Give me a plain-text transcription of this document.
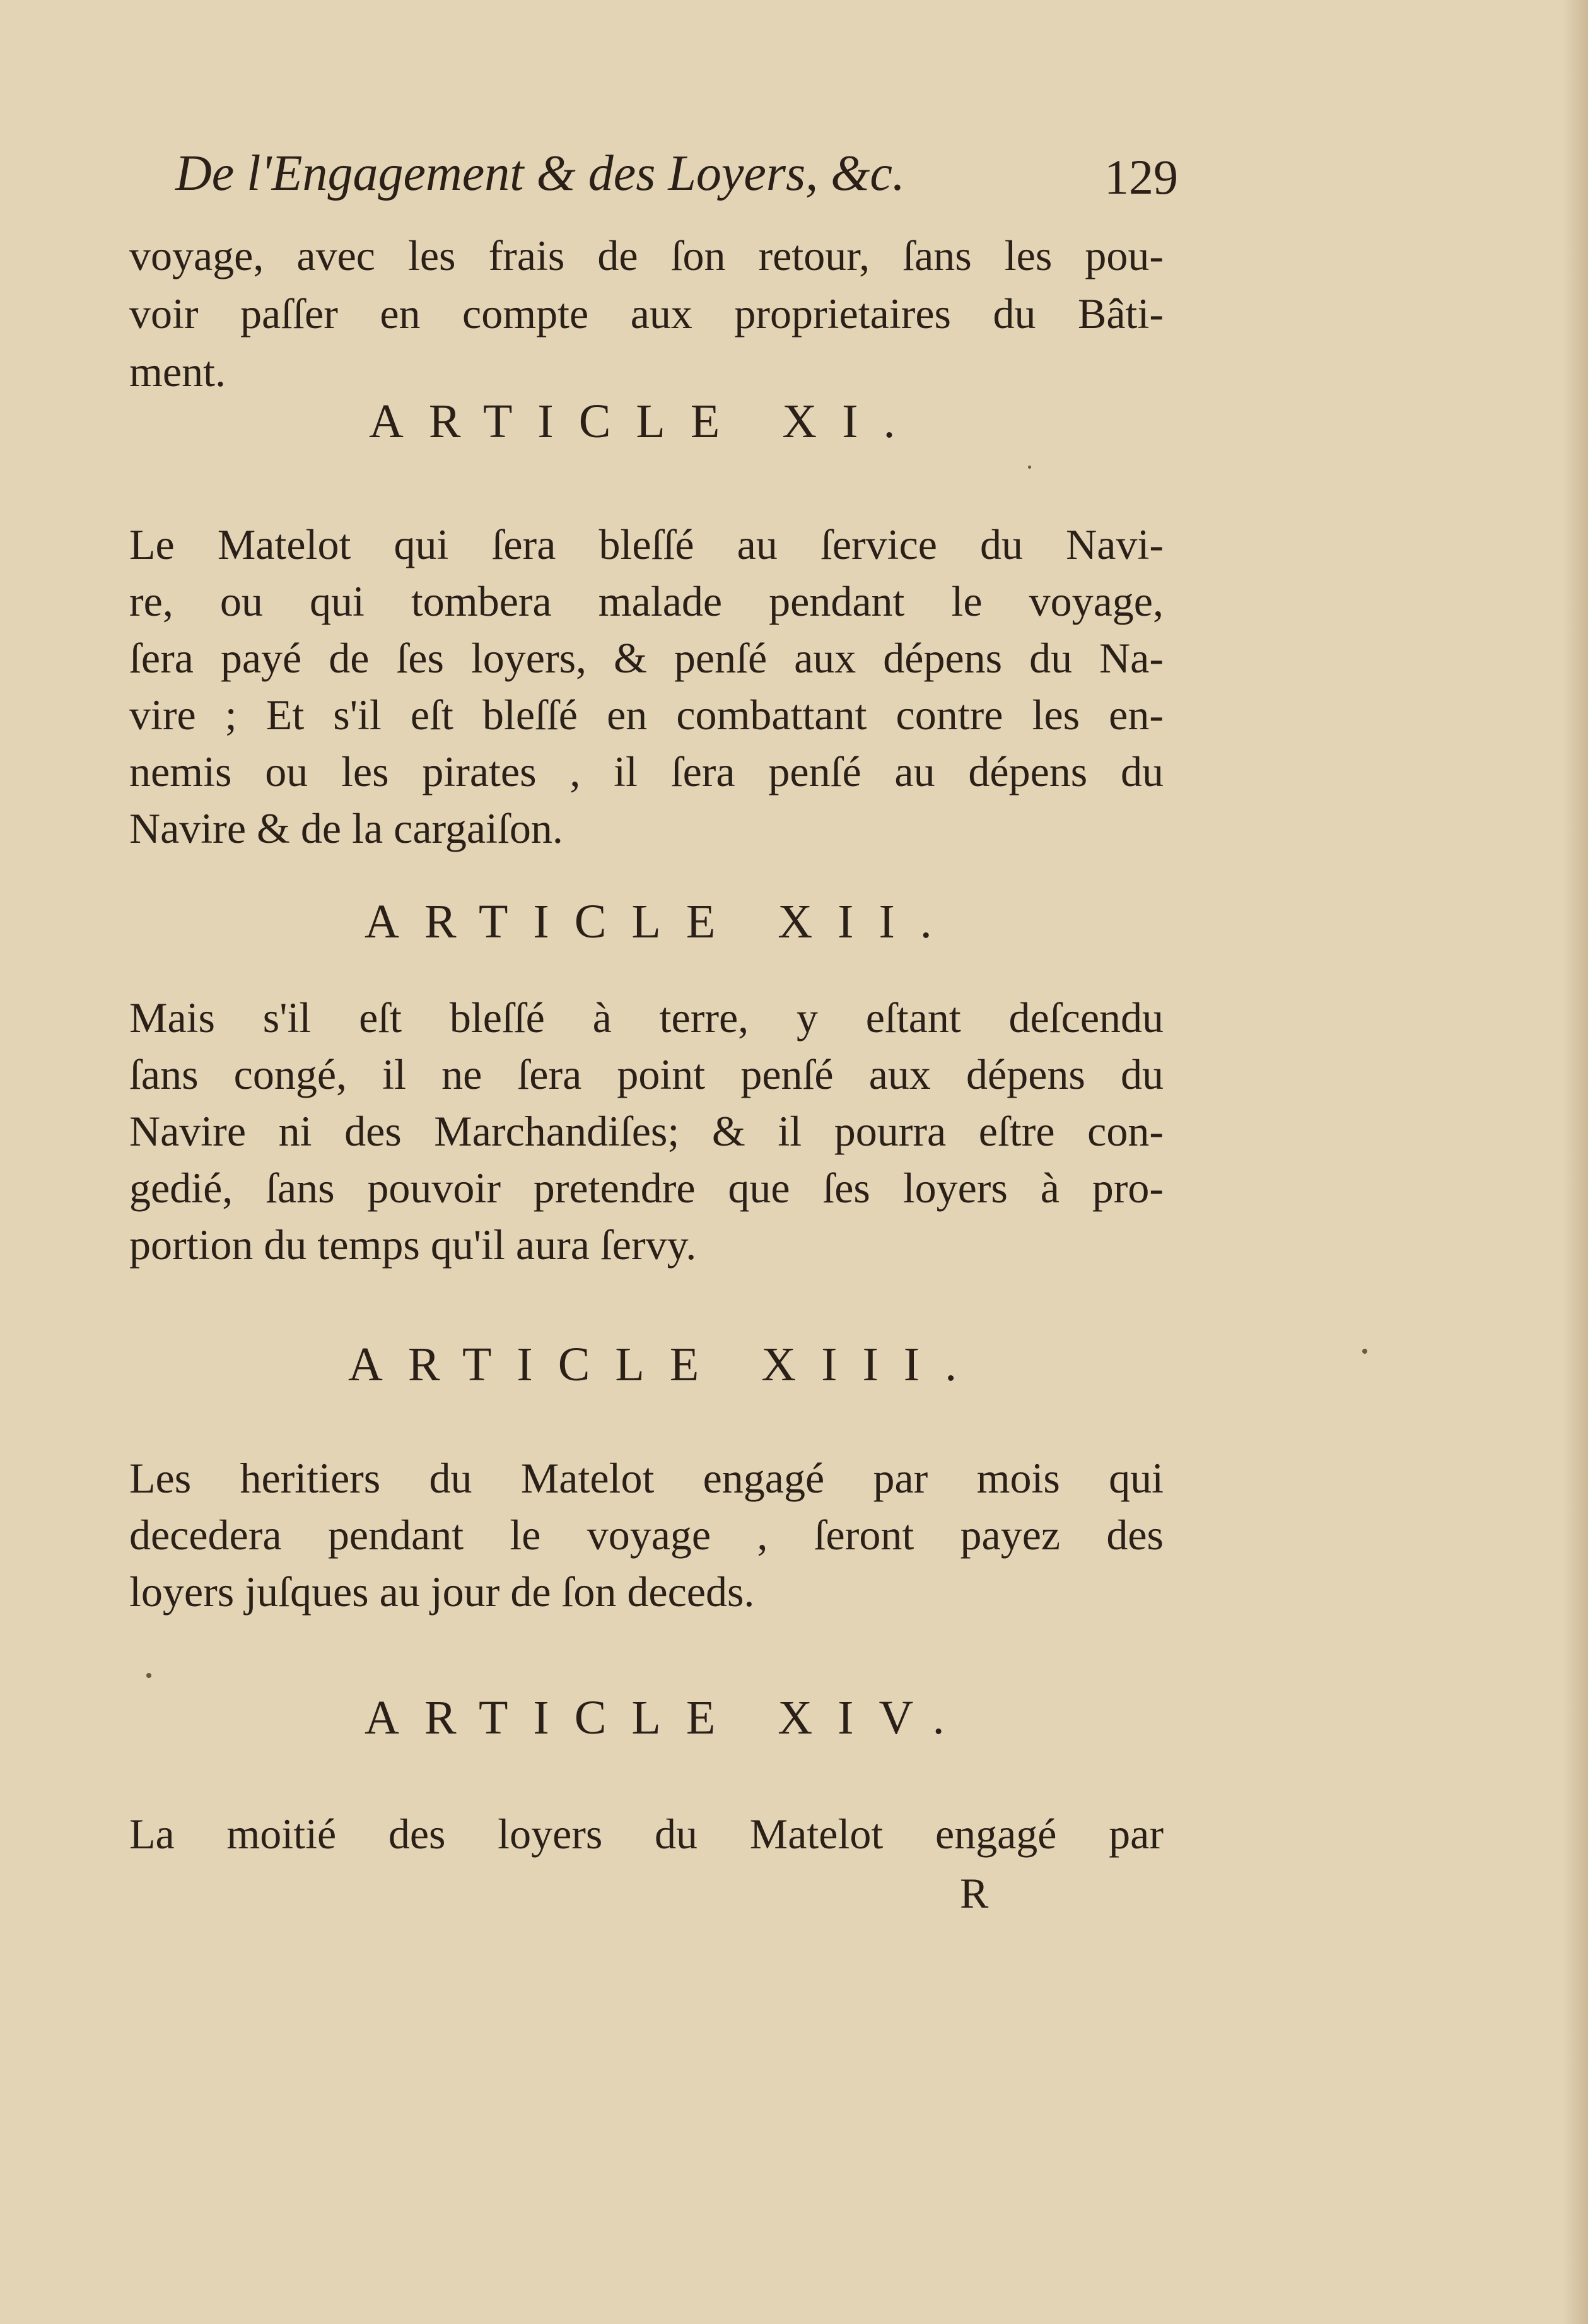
De l'Engagement & des Loyers, &c.	129
voyage, avec les frais de ſon retour, ſans les pou-
voir paſſer en compte aux proprietaires du Bâti-
ment.
ARTICLE XI.
Le Matelot qui ſera bleſſé au ſervice du Navi-
re, ou qui tombera malade pendant le voyage,
ſera payé de ſes loyers, & penſé aux dépens du Na-
vire ; Et s'il eſt bleſſé en combattant contre les en-
nemis ou les pirates , il ſera penſé au dépens du
Navire & de la cargaiſon.
ARTICLE XII.
Mais s'il eſt bleſſé à terre, y eſtant deſcendu
ſans congé, il ne ſera point penſé aux dépens du
Navire ni des Marchandiſes; & il pourra eſtre con-
gedié, ſans pouvoir pretendre que ſes loyers à pro-
portion du temps qu'il aura ſervy.
ARTICLE XIII.
Les heritiers du Matelot engagé par mois qui
decedera pendant le voyage , ſeront payez des
loyers juſques au jour de ſon deceds.
ARTICLE XIV.
La moitié des loyers du Matelot engagé par
R
